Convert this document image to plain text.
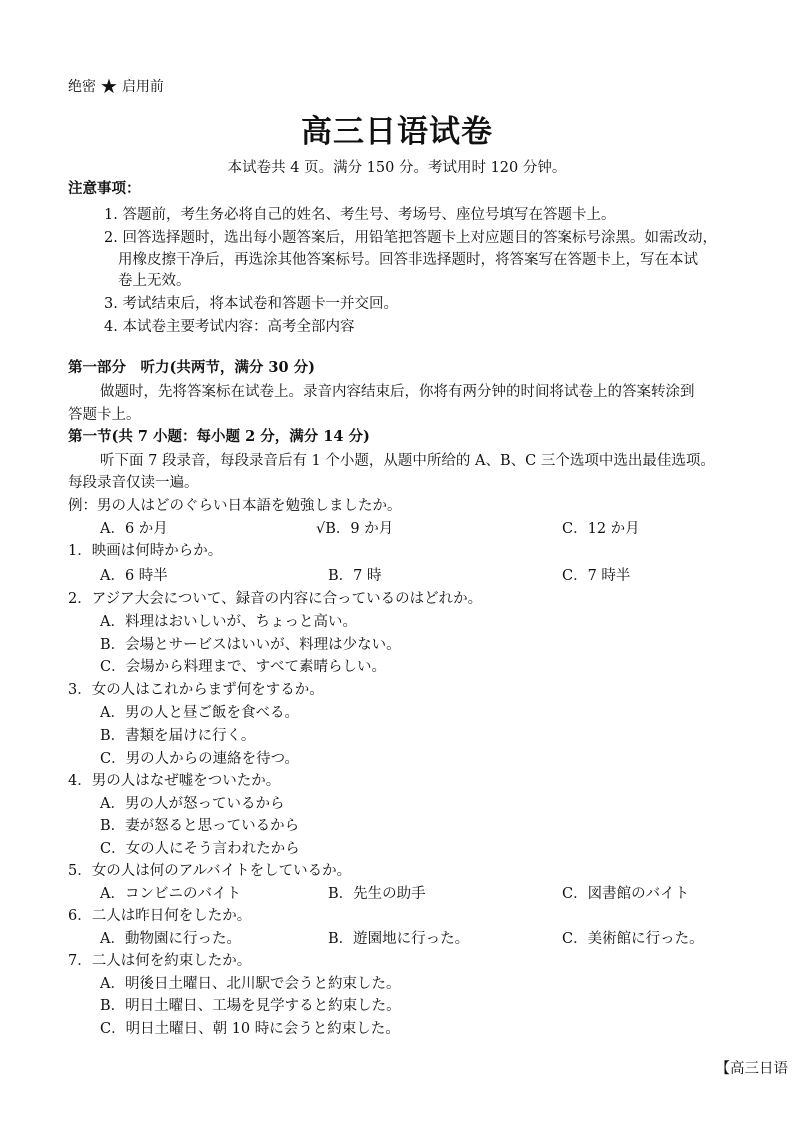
绝密 ★ 启用前
高三日语试卷
本试卷共 4 页。满分 150 分。考试用时 120 分钟。
注意事项：
1. 答题前，考生务必将自己的姓名、考生号、考场号、座位号填写在答题卡上。
2. 回答选择题时，选出每小题答案后，用铅笔把答题卡上对应题目的答案标号涂黑。如需改动，
用橡皮擦干净后，再选涂其他答案标号。回答非选择题时，将答案写在答题卡上，写在本试
卷上无效。
3. 考试结束后，将本试卷和答题卡一并交回。
4. 本试卷主要考试内容：高考全部内容
第一部分　听力(共两节，满分 30 分)
做题时，先将答案标在试卷上。录音内容结束后，你将有两分钟的时间将试卷上的答案转涂到
答题卡上。
第一节(共 7 小题：每小题 2 分，满分 14 分)
听下面 7 段录音，每段录音后有 1 个小题，从题中所给的 A、B、C 三个选项中选出最佳选项。
每段录音仅读一遍。
例：男の人はどのぐらい日本語を勉強しましたか。
A．6 か月	√B．9 か月	C．12 か月
1．映画は何時からか。
A．6 時半	B．7 時	C．7 時半
2．アジア大会について、録音の内容に合っているのはどれか。
A．料理はおいしいが、ちょっと高い。
B．会場とサービスはいいが、料理は少ない。
C．会場から料理まで、すべて素晴らしい。
3．女の人はこれからまず何をするか。
A．男の人と昼ご飯を食べる。
B．書類を届けに行く。
C．男の人からの連絡を待つ。
4．男の人はなぜ嘘をついたか。
A．男の人が怒っているから
B．妻が怒ると思っているから
C．女の人にそう言われたから
5．女の人は何のアルバイトをしているか。
A．コンビニのバイト	B．先生の助手	C．図書館のバイト
6．二人は昨日何をしたか。
A．動物園に行った。	B．遊園地に行った。	C．美術館に行った。
7．二人は何を約束したか。
A．明後日土曜日、北川駅で会うと約束した。
B．明日土曜日、工場を見学すると約束した。
C．明日土曜日、朝 10 時に会うと約束した。
【高三日语
